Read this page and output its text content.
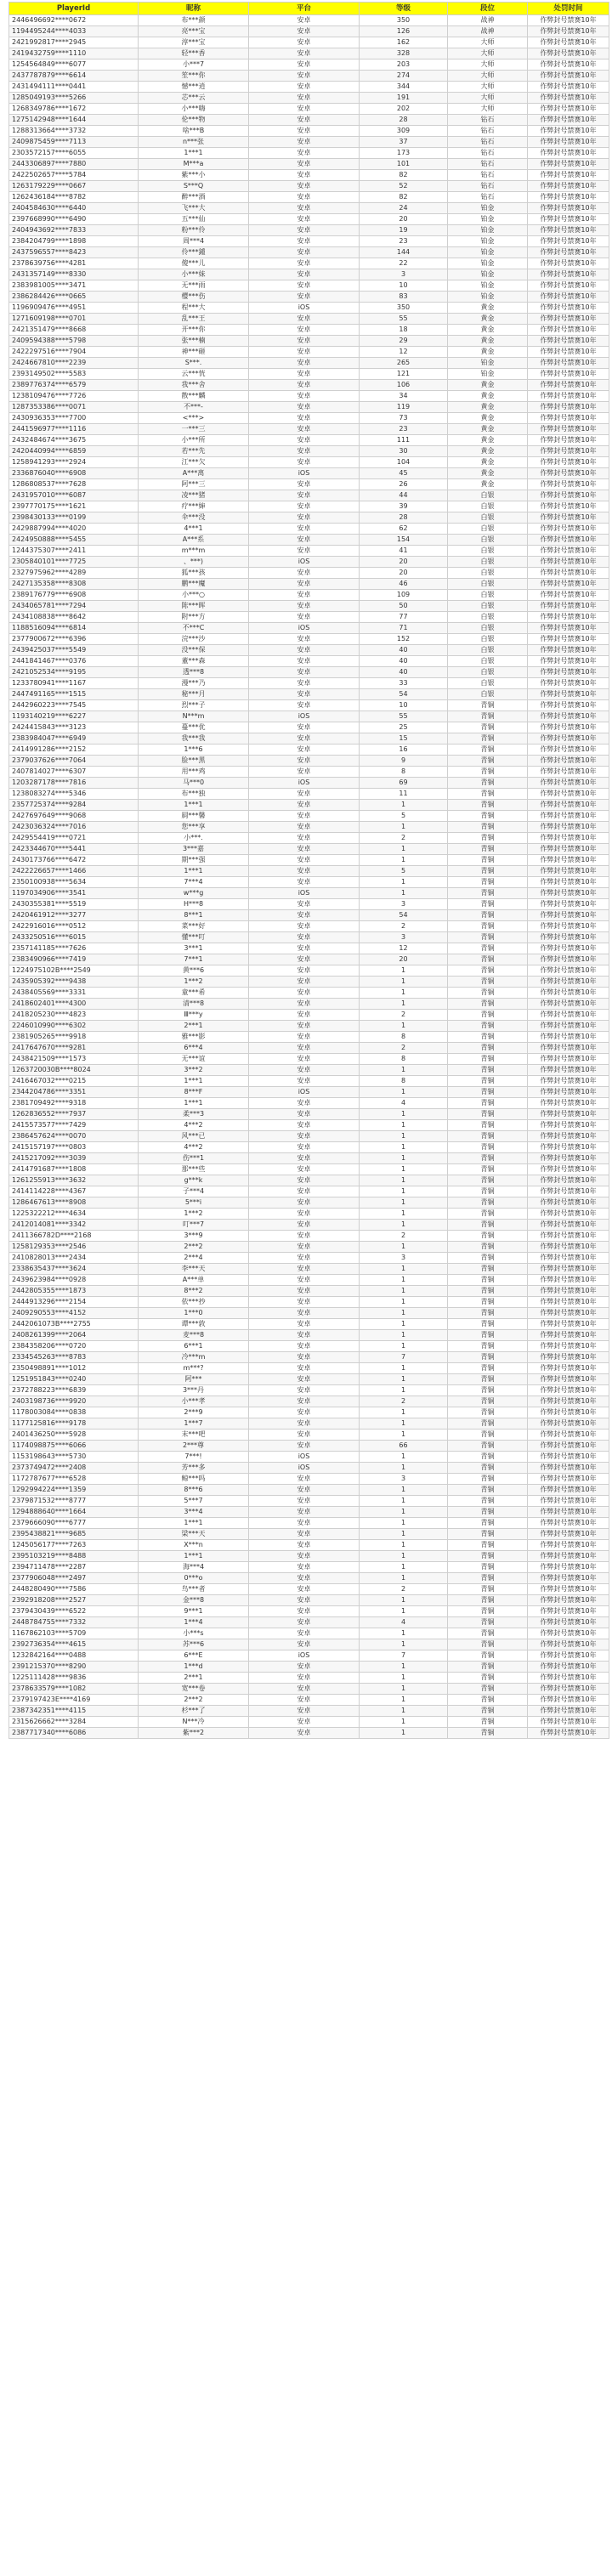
PlayerId	昵称	平台	等级	段位	处罚时间
2446496692****0672	布***颜	安卓	350	战神	作弊封号禁赛10年
1194495244****4033	亮***宝	安卓	126	战神	作弊封号禁赛10年
2421992817****2945	淳***宝	安卓	162	大师	作弊封号禁赛10年
2419432759****1110	轻***香	安卓	328	大师	作弊封号禁赛10年
1254564849****6077	小***7	安卓	203	大师	作弊封号禁赛10年
2437787879****6614	笙***你	安卓	274	大师	作弊封号禁赛10年
2431494111****0441	憾***逍	安卓	344	大师	作弊封号禁赛10年
1285049193****5266	芯***云	安卓	191	大师	作弊封号禁赛10年
1268349786****1672	小***嗨	安卓	202	大师	作弊封号禁赛10年
1275142948****1644	伦***物	安卓	28	钻石	作弊封号禁赛10年
1288313664****3732	啥***B	安卓	309	钻石	作弊封号禁赛10年
2409875459****7113	n***张	安卓	37	钻石	作弊封号禁赛10年
2303572157****6055	1***1	安卓	173	钻石	作弊封号禁赛10年
2443306897****7880	M***a	安卓	101	钻石	作弊封号禁赛10年
2422502657****5784	紫***小	安卓	82	钻石	作弊封号禁赛10年
1263179229****0667	S***Q	安卓	52	钻石	作弊封号禁赛10年
1262436184****8782	醉***酒	安卓	82	钻石	作弊封号禁赛10年
2404584630****6440	飞***大	安卓	24	铂金	作弊封号禁赛10年
2397668990****6490	五***仙	安卓	20	铂金	作弊封号禁赛10年
2404943692****7833	粉***伶	安卓	19	铂金	作弊封号禁赛10年
2384204799****1898	周***4	安卓	23	铂金	作弊封号禁赛10年
2437596557****8423	伶***鍾	安卓	144	铂金	作弊封号禁赛10年
2378639756****4281	傻***儿	安卓	22	铂金	作弊封号禁赛10年
2431357149****8330	小***妹	安卓	3	铂金	作弊封号禁赛10年
2383981005****3471	无***雨	安卓	10	铂金	作弊封号禁赛10年
2386284426****0665	樱***伤	安卓	83	铂金	作弊封号禁赛10年
1196909476****4951	程***大	iOS	350	黄金	作弊封号禁赛10年
1271609198****0701	乱***王	安卓	55	黄金	作弊封号禁赛10年
2421351479****8668	开***你	安卓	18	黄金	作弊封号禁赛10年
2409594388****5798	张***楠	安卓	29	黄金	作弊封号禁赛10年
2422297516****7904	神***砸	安卓	12	黄金	作弊封号禁赛10年
2424667810****2239	S***.	安卓	265	铂金	作弊封号禁赛10年
2393149502****5583	云***恍	安卓	121	铂金	作弊封号禁赛10年
2389776374****6579	我***舍	安卓	106	黄金	作弊封号禁赛10年
1238109476****7726	散***麟	安卓	34	黄金	作弊封号禁赛10年
1287353386****0071	不***-	安卓	119	黄金	作弊封号禁赛10年
2430936353****7700	<***>	安卓	73	黄金	作弊封号禁赛10年
2441596977****1116	一***三	安卓	23	黄金	作弊封号禁赛10年
2432484674****3675	小***所	安卓	111	黄金	作弊封号禁赛10年
2420440994****6859	若***先	安卓	30	黄金	作弊封号禁赛10年
1258941293****2924	江***欠	安卓	104	黄金	作弊封号禁赛10年
2336876040****6908	A***离	iOS	45	黄金	作弊封号禁赛10年
1286808537****7628	阿***三	安卓	26	黄金	作弊封号禁赛10年
2431957010****6087	凌***猪	安卓	44	白银	作弊封号禁赛10年
2397770175****1621	疗***婶	安卓	39	白银	作弊封号禁赛10年
2398430133****0199	伞***没	安卓	28	白银	作弊封号禁赛10年
2429887994****4020	4***1	安卓	62	白银	作弊封号禁赛10年
2424950888****5455	A***系	安卓	154	白银	作弊封号禁赛10年
1244375307****2411	m***m	安卓	41	白银	作弊封号禁赛10年
2305840101****7725	、***)	iOS	20	白银	作弊封号禁赛10年
2327975962****4289	狐***孩	安卓	20	白银	作弊封号禁赛10年
2427135358****8308	鹏***魔	安卓	46	白银	作弊封号禁赛10年
2389176779****6908	小***○	安卓	109	白银	作弊封号禁赛10年
2434065781****7294	陈***晖	安卓	50	白银	作弊封号禁赛10年
2434108838****8642	附***方	安卓	77	白银	作弊封号禁赛10年
1188516094****6814	不***C	iOS	71	白银	作弊封号禁赛10年
2377900672****6396	浣***沙	安卓	152	白银	作弊封号禁赛10年
2439425037****5549	没***保	安卓	40	白银	作弊封号禁赛10年
2441841467****0376	董***森	安卓	40	白银	作弊封号禁赛10年
2421052534****9195	透***8	安卓	40	白银	作弊封号禁赛10年
1233780941****1167	漫***乃	安卓	33	白银	作弊封号禁赛10年
2447491165****1515	秘***月	安卓	54	白银	作弊封号禁赛10年
2442960223****7545	烈***子	安卓	10	青铜	作弊封号禁赛10年
1193140219****6227	N***m	iOS	55	青铜	作弊封号禁赛10年
2424415843****3123	蔓***优	安卓	25	青铜	作弊封号禁赛10年
2383984047****6949	我***我	安卓	15	青铜	作弊封号禁赛10年
2414991286****2152	1***6	安卓	16	青铜	作弊封号禁赛10年
2379037626****7064	脸***黑	安卓	9	青铜	作弊封号禁赛10年
2407814027****6307	用***鸡	安卓	8	青铜	作弊封号禁赛10年
1203287178****7816	马***0	iOS	69	青铜	作弊封号禁赛10年
1238083274****5346	布***独	安卓	11	青铜	作弊封号禁赛10年
2357725374****9284	1***1	安卓	1	青铜	作弊封号禁赛10年
2427697649****9068	屙***馨	安卓	5	青铜	作弊封号禁赛10年
2423036324****7016	您***享	安卓	1	青铜	作弊封号禁赛10年
2429554419****0721	小***.	安卓	2	青铜	作弊封号禁赛10年
2423344670****5441	3***嘉	安卓	1	青铜	作弊封号禁赛10年
2430173766****6472	期***强	安卓	1	青铜	作弊封号禁赛10年
2422226657****1466	1***1	安卓	5	青铜	作弊封号禁赛10年
2350100938****5634	7***4	安卓	1	青铜	作弊封号禁赛10年
1197034906****3541	w***g	iOS	1	青铜	作弊封号禁赛10年
2430355381****5519	H***8	安卓	3	青铜	作弊封号禁赛10年
2420461912****3277	8***1	安卓	54	青铜	作弊封号禁赛10年
2422916016****0512	菜***好	安卓	2	青铜	作弊封号禁赛10年
2433250516****6015	懂***叮	安卓	3	青铜	作弊封号禁赛10年
2357141185****7626	3***1	安卓	12	青铜	作弊封号禁赛10年
2383490966****7419	7***1	安卓	20	青铜	作弊封号禁赛10年
1224975102B****2549	黄***6	安卓	1	青铜	作弊封号禁赛10年
2435905392****9438	1***2	安卓	1	青铜	作弊封号禁赛10年
2438405569****3331	童***希	安卓	1	青铜	作弊封号禁赛10年
2418602401****4300	清***8	安卓	1	青铜	作弊封号禁赛10年
2418205230****4823	Ⅲ***y	安卓	2	青铜	作弊封号禁赛10年
2246010990****6302	2***1	安卓	1	青铜	作弊封号禁赛10年
2381905265****9918	雅***影	安卓	8	青铜	作弊封号禁赛10年
2417647670****9281	6***4	安卓	2	青铜	作弊封号禁赛10年
2438421509****1573	无***谊	安卓	8	青铜	作弊封号禁赛10年
1263720030B****8024	3***2	安卓	1	青铜	作弊封号禁赛10年
2416467032****0215	1***1	安卓	8	青铜	作弊封号禁赛10年
2344204786****3351	8***F	iOS	1	青铜	作弊封号禁赛10年
2381709492****9318	1***1	安卓	4	青铜	作弊封号禁赛10年
1262836552****7937	柔***3	安卓	1	青铜	作弊封号禁赛10年
2415573577****7429	4***2	安卓	1	青铜	作弊封号禁赛10年
2386457624****0070	风***已	安卓	1	青铜	作弊封号禁赛10年
2415157197****0803	4***2	安卓	1	青铜	作弊封号禁赛10年
2415217092****3039	伤***1	安卓	1	青铜	作弊封号禁赛10年
2414791687****1808	那***些	安卓	1	青铜	作弊封号禁赛10年
1261255913****3632	g***k	安卓	1	青铜	作弊封号禁赛10年
2414114228****4367	子***4	安卓	1	青铜	作弊封号禁赛10年
1286467613****8908	5***i	安卓	1	青铜	作弊封号禁赛10年
1225322212****4634	1***2	安卓	1	青铜	作弊封号禁赛10年
2412014081****3342	叮***7	安卓	1	青铜	作弊封号禁赛10年
2411366782D****2168	3***9	安卓	2	青铜	作弊封号禁赛10年
1258129353****2546	2***2	安卓	1	青铜	作弊封号禁赛10年
2410828013****2434	2***4	安卓	3	青铜	作弊封号禁赛10年
2338635437****3624	李***天	安卓	1	青铜	作弊封号禁赛10年
2439623984****0928	A***单	安卓	1	青铜	作弊封号禁赛10年
2442805355****1873	8***2	安卓	1	青铜	作弊封号禁赛10年
2444913296****2154	依***抄	安卓	1	青铜	作弊封号禁赛10年
2409290553****4152	1***0	安卓	1	青铜	作弊封号禁赛10年
2442061073B****2755	谭***敦	安卓	1	青铜	作弊封号禁赛10年
2408261399****2064	麦***8	安卓	1	青铜	作弊封号禁赛10年
2384358206****0720	6***1	安卓	1	青铜	作弊封号禁赛10年
2334545263****8783	冷***m	安卓	7	青铜	作弊封号禁赛10年
2350498891****1012	m***?	安卓	1	青铜	作弊封号禁赛10年
1251951843****0240	阿***	安卓	1	青铜	作弊封号禁赛10年
2372788223****6839	3***丹	安卓	1	青铜	作弊封号禁赛10年
2403198736****9920	小***孝	安卓	2	青铜	作弊封号禁赛10年
1178003084****0838	2***9	安卓	1	青铜	作弊封号禁赛10年
1177125816****9178	1***7	安卓	1	青铜	作弊封号禁赛10年
2401436250****5928	末***吧	安卓	1	青铜	作弊封号禁赛10年
1174098875****6066	2***尊	安卓	66	青铜	作弊封号禁赛10年
1153198643****5730	7***!	iOS	1	青铜	作弊封号禁赛10年
2373749472****2408	芳***多	iOS	1	青铜	作弊封号禁赛10年
1172787677****6528	鲸***吗	安卓	3	青铜	作弊封号禁赛10年
1292994224****1359	8***6	安卓	1	青铜	作弊封号禁赛10年
2379871532****8777	5***7	安卓	1	青铜	作弊封号禁赛10年
1294888640****1664	3***4	安卓	1	青铜	作弊封号禁赛10年
2379666090****6777	1***1	安卓	1	青铜	作弊封号禁赛10年
2395438821****9685	梁***天	安卓	1	青铜	作弊封号禁赛10年
1245056177****7263	X***n	安卓	1	青铜	作弊封号禁赛10年
2395103219****8488	1***1	安卓	1	青铜	作弊封号禁赛10年
2394711478****2287	海***4	安卓	1	青铜	作弊封号禁赛10年
2377906048****2497	0***o	安卓	1	青铜	作弊封号禁赛10年
2448280490****7586	鸟***者	安卓	2	青铜	作弊封号禁赛10年
2392918208****2527	金***8	安卓	1	青铜	作弊封号禁赛10年
2379430439****6522	9***1	安卓	1	青铜	作弊封号禁赛10年
2448784755****7332	1***4	安卓	4	青铜	作弊封号禁赛10年
1167862103****5709	小***s	安卓	1	青铜	作弊封号禁赛10年
2392736354****4615	苏***6	安卓	1	青铜	作弊封号禁赛10年
1232842164****0488	6***E	iOS	7	青铜	作弊封号禁赛10年
2391215370****8290	1***d	安卓	1	青铜	作弊封号禁赛10年
1225111428****9836	2***1	安卓	1	青铜	作弊封号禁赛10年
2378633579****1082	宽***卷	安卓	1	青铜	作弊封号禁赛10年
2379197423E****4169	2***2	安卓	1	青铜	作弊封号禁赛10年
2387342351****4115	杉***了	安卓	1	青铜	作弊封号禁赛10年
2315626662****3284	N***冷	安卓	1	青铜	作弊封号禁赛10年
2387717340****6086	紫***2	安卓	1	青铜	作弊封号禁赛10年
